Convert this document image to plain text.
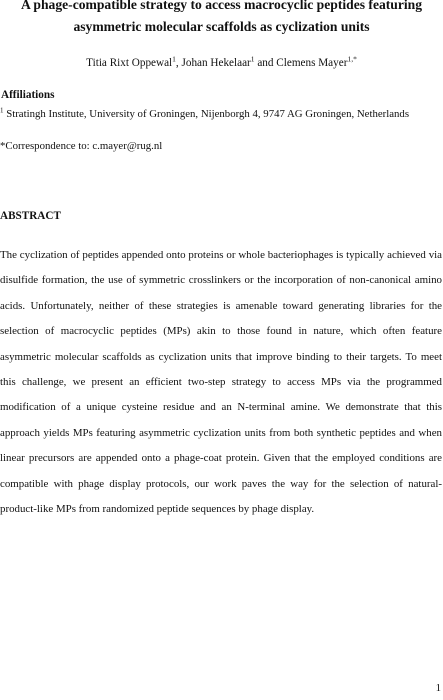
A phage-compatible strategy to access macrocyclic peptides featuring asymmetric molecular scaffolds as cyclization units
Titia Rixt Oppewal$^1$, Johan Hekelaar$^1$ and Clemens Mayer$^{1,*}$
Affiliations
$^1$ Stratingh Institute, University of Groningen, Nijenborgh 4, 9747 AG Groningen, Netherlands
*Correspondence to: c.mayer@rug.nl
ABSTRACT
The cyclization of peptides appended onto proteins or whole bacteriophages is typically achieved via disulfide formation, the use of symmetric crosslinkers or the incorporation of non-canonical amino acids. Unfortunately, neither of these strategies is amenable toward generating libraries for the selection of macrocyclic peptides (MPs) akin to those found in nature, which often feature asymmetric molecular scaffolds as cyclization units that improve binding to their targets. To meet this challenge, we present an efficient two-step strategy to access MPs via the programmed modification of a unique cysteine residue and an N-terminal amine. We demonstrate that this approach yields MPs featuring asymmetric cyclization units from both synthetic peptides and when linear precursors are appended onto a phage-coat protein. Given that the employed conditions are compatible with phage display protocols, our work paves the way for the selection of natural-product-like MPs from randomized peptide sequences by phage display.
1
